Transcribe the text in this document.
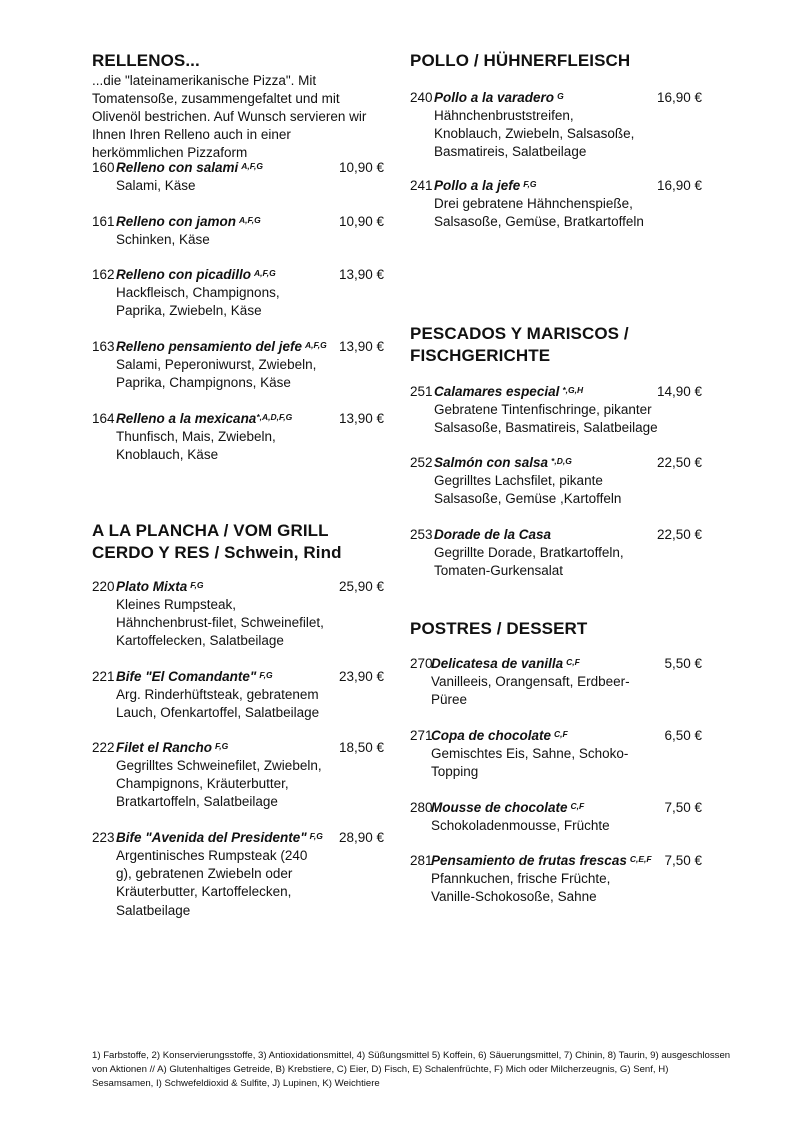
RELLENOS...
...die "lateinamerikanische Pizza". Mit Tomatensoße, zusammengefaltet und mit Olivenöl bestrichen. Auf Wunsch servieren wir Ihnen Ihren Relleno auch in einer herkömmlichen Pizzaform
160 Relleno con salami $^{A,F,G}$	10,90 €
Salami, Käse
161 Relleno con jamon $^{A,F,G}$	10,90 €
Schinken, Käse
162 Relleno con picadillo $^{A,F,G}$	13,90 €
Hackfleisch, Champignons, Paprika, Zwiebeln, Käse
163 Relleno pensamiento del jefe $^{A,F,G}$ 13,90 €
Salami, Peperoniwurst, Zwiebeln, Paprika, Champignons, Käse
164 Relleno a la mexicana$^{*,A,D,F,G}$	13,90 €
Thunfisch, Mais, Zwiebeln, Knoblauch, Käse
A LA PLANCHA / VOM GRILL
CERDO Y RES / Schwein, Rind
220 Plato Mixta $^{F,G}$	25,90 €
Kleines Rumpsteak, Hähnchenbrust-filet, Schweinefilet, Kartoffelecken, Salatbeilage
221 Bife "El Comandante" $^{F,G}$	23,90 €
Arg. Rinderhüftsteak, gebratenem Lauch, Ofenkartoffel, Salatbeilage
222 Filet el Rancho $^{F,G}$	18,50 €
Gegrilltes Schweinefilet, Zwiebeln, Champignons, Kräuterbutter, Bratkartoffeln, Salatbeilage
223 Bife "Avenida del Presidente" $^{F,G}$ 28,90 €
Argentinisches Rumpsteak (240 g), gebratenen Zwiebeln oder Kräuterbutter, Kartoffelecken, Salatbeilage
POLLO / HÜHNERFLEISCH
240 Pollo a la varadero $^G$	16,90 €
Hähnchenbruststreifen, Knoblauch, Zwiebeln, Salsasoße, Basmatireis, Salatbeilage
241 Pollo a la jefe $^{F,G}$	16,90 €
Drei gebratene Hähnchenspieße, Salsasoße, Gemüse, Bratkartoffeln
PESCADOS Y MARISCOS /
FISCHGERICHTE
251 Calamares especial $^{*,G,H}$	14,90 €
Gebratene Tintenfischringe, pikanter Salsasoße, Basmatireis, Salatbeilage
252 Salmón con salsa $^{*,D,G}$	22,50 €
Gegrilltes Lachsfilet, pikante Salsasoße, Gemüse ,Kartoffeln
253 Dorade de la Casa	22,50 €
Gegrillte Dorade, Bratkartoffeln, Tomaten-Gurkensalat
POSTRES / DESSERT
270
Delicatesa de vanilla $^{C,F}$	5,50 €
Vanilleeis, Orangensaft, Erdbeer-Püree
271
Copa de chocolate $^{C,F}$	6,50 €
Gemischtes Eis, Sahne, Schoko-Topping
280
Mousse de chocolate $^{C,F}$	7,50 €
Schokoladenmousse, Früchte
281
Pensamiento de frutas frescas $^{C,E,F}$ 7,50 €
Pfannkuchen, frische Früchte, Vanille-Schokosoße, Sahne
1) Farbstoffe, 2) Konservierungsstoffe, 3) Antioxidationsmittel, 4) Süßungsmittel 5) Koffein, 6) Säuerungsmittel, 7) Chinin, 8) Taurin, 9) ausgeschlossen von Aktionen // A) Glutenhaltiges Getreide, B) Krebstiere, C) Eier, D) Fisch, E) Schalenfrüchte, F) Mich oder Milcherzeugnis, G) Senf, H) Sesamsamen, I) Schwefeldioxid & Sulfite, J) Lupinen, K) Weichtiere
